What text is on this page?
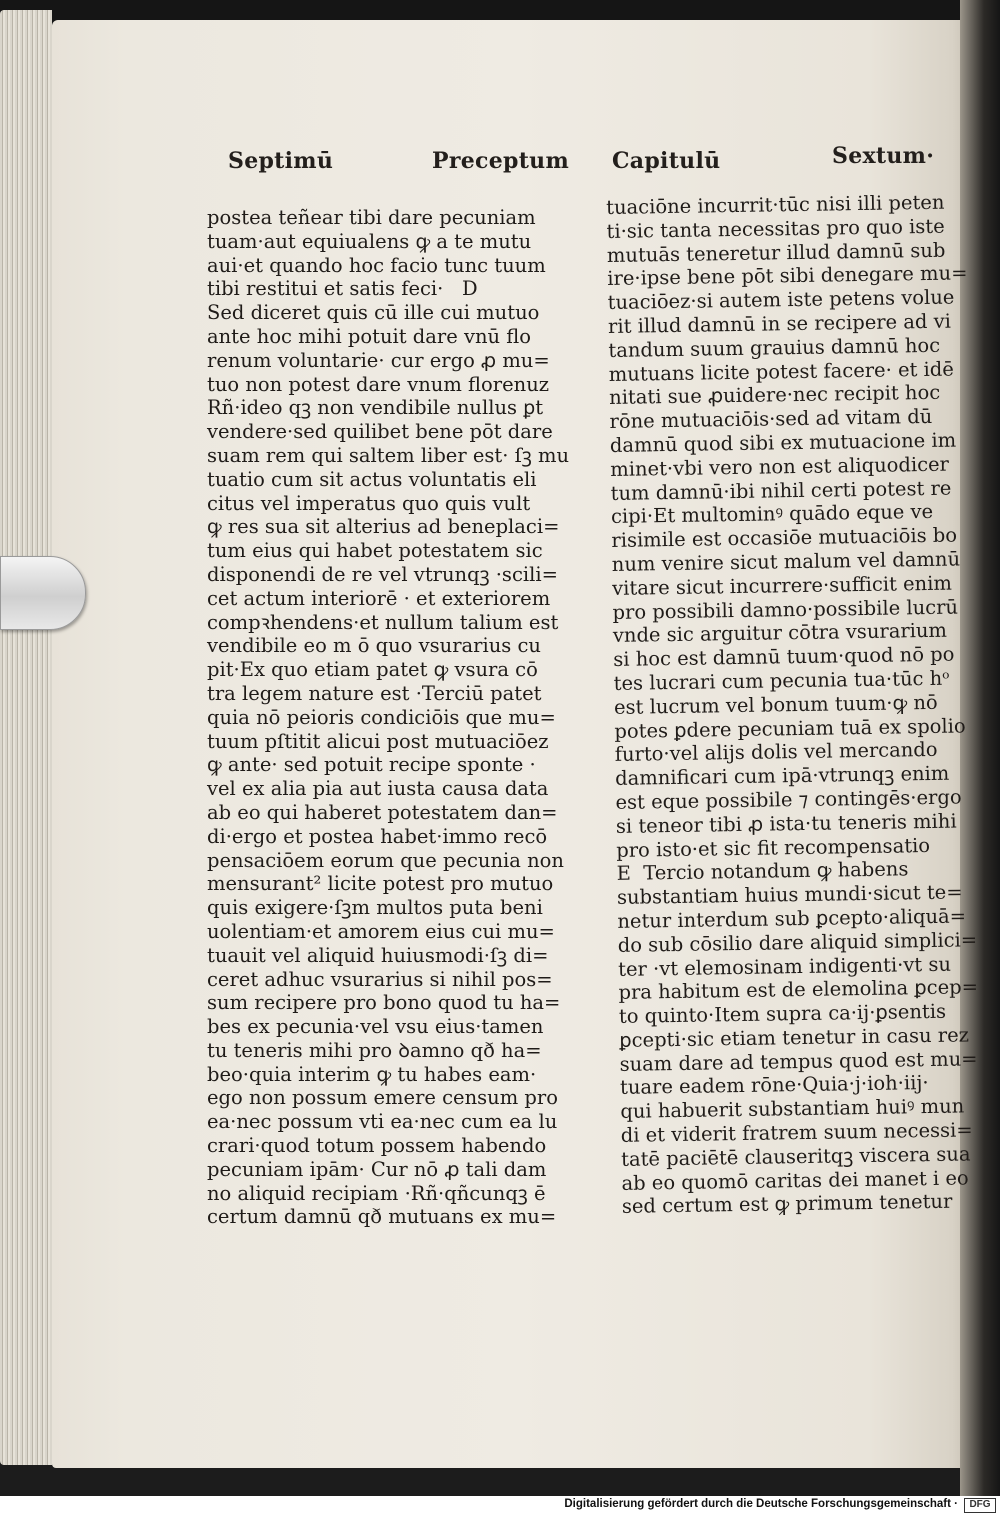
Septimū	Preceptum Capitulū	Sextum·
postea teñear tibi dare pecuniam
tuam·aut equiualens ꝙ a te mutu
aui·et quando hoc facio tunc tuum
tibi restitui et satis feci·   D
Sed diceret quis cū ille cui mutuo
ante hoc mihi potuit dare vnū flo
renum voluntarie· cur ergo ꝓ mu=
tuo non potest dare vnum florenuz
Rñ·ideo qꝫ non vendibile nullus ꝑt
vendere·sed quilibet bene pōt dare
suam rem qui saltem liber est· ſꝫ mu
tuatio cum sit actus voluntatis eli
citus vel imperatus quo quis vult
ꝙ res sua sit alterius ad beneplaci=
tum eius qui habet potestatem sic
disponendi de re vel vtrunqꝫ ·scili=
cet actum interiorē · et exteriorem
compꝛhendens·et nullum talium est
vendibile eo m ō quo vsurarius cu
pit·Ex quo etiam patet ꝙ vsura cō
tra legem nature est ·Terciū patet
quia nō peioris condiciōis que mu=
tuum pſtitit alicui post mutuaciōez
ꝙ ante· sed potuit recipe sponte ·
vel ex alia pia aut iusta causa data
ab eo qui haberet potestatem dan=
di·ergo et postea habet·immo recō
pensaciōem eorum que pecunia non
mensurant² licite potest pro mutuo
quis exigere·ſꝫm multos puta beni
uolentiam·et amorem eius cui mu=
tuauit vel aliquid huiusmodi·ſꝫ di=
ceret adhuc vsurarius si nihil pos=
sum recipere pro bono quod tu ha=
bes ex pecunia·vel vsu eius·tamen
tu teneris mihi pro ꝺamno qð ha=
beo·quia interim ꝙ tu habes eam·
ego non possum emere censum pro
ea·nec possum vti ea·nec cum ea lu
crari·quod totum possem habendo
pecuniam ipām· Cur nō ꝓ tali dam
no aliquid recipiam ·Rñ·qñcunqꝫ ē
certum damnū qð mutuans ex mu=
tuaciōne incurrit·tūc nisi illi peten
ti·sic tanta necessitas pro quo iste
mutuās teneretur illud damnū sub
ire·ipse bene pōt sibi denegare mu=
tuaciōez·si autem iste petens volue
rit illud damnū in se recipere ad vi
tandum suum grauius damnū hoc
mutuans licite potest facere· et idē
nitati sue ꝓuidere·nec recipit hoc
rōne mutuaciōis·sed ad vitam dū
damnū quod sibi ex mutuacione im
minet·vbi vero non est aliquodicer
tum damnū·ibi nihil certi potest re
cipi·Et multominꝰ quādo eque ve
risimile est occasiōe mutuaciōis bo
num venire sicut malum vel damnū
vitare sicut incurrere·sufficit enim
pro possibili damno·possibile lucrū
vnde sic arguitur cōtra vsurarium
si hoc est damnū tuum·quod nō po
tes lucrari cum pecunia tua·tūc hᵒ
est lucrum vel bonum tuum·ꝙ nō
potes ꝑdere pecuniam tuā ex spolio
furto·vel alijs dolis vel mercando
damnificari cum ipā·vtrunqꝫ enim
est eque possibile ⁊ contingēs·ergo
si teneor tibi ꝓ ista·tu teneris mihi
pro isto·et sic fit recompensatio
E  Tercio notandum ꝙ habens
substantiam huius mundi·sicut te=
netur interdum sub ꝑcepto·aliquā=
do sub cōsilio dare aliquid simplici=
ter ·vt elemosinam indigenti·vt su
pra habitum est de elemolina ꝑcep=
to quinto·Item supra ca·ij·ꝑsentis
ꝑcepti·sic etiam tenetur in casu rez
suam dare ad tempus quod est mu=
tuare eadem rōne·Quia·j·ioh·iij·
qui habuerit substantiam huiꝰ mun
di et viderit fratrem suum necessi=
tatē paciētē clauseritqꝫ viscera sua
ab eo quomō caritas dei manet i eo
sed certum est ꝙ primum tenetur
Digitalisierung gefördert durch die Deutsche Forschungsgemeinschaft ·	DFG
